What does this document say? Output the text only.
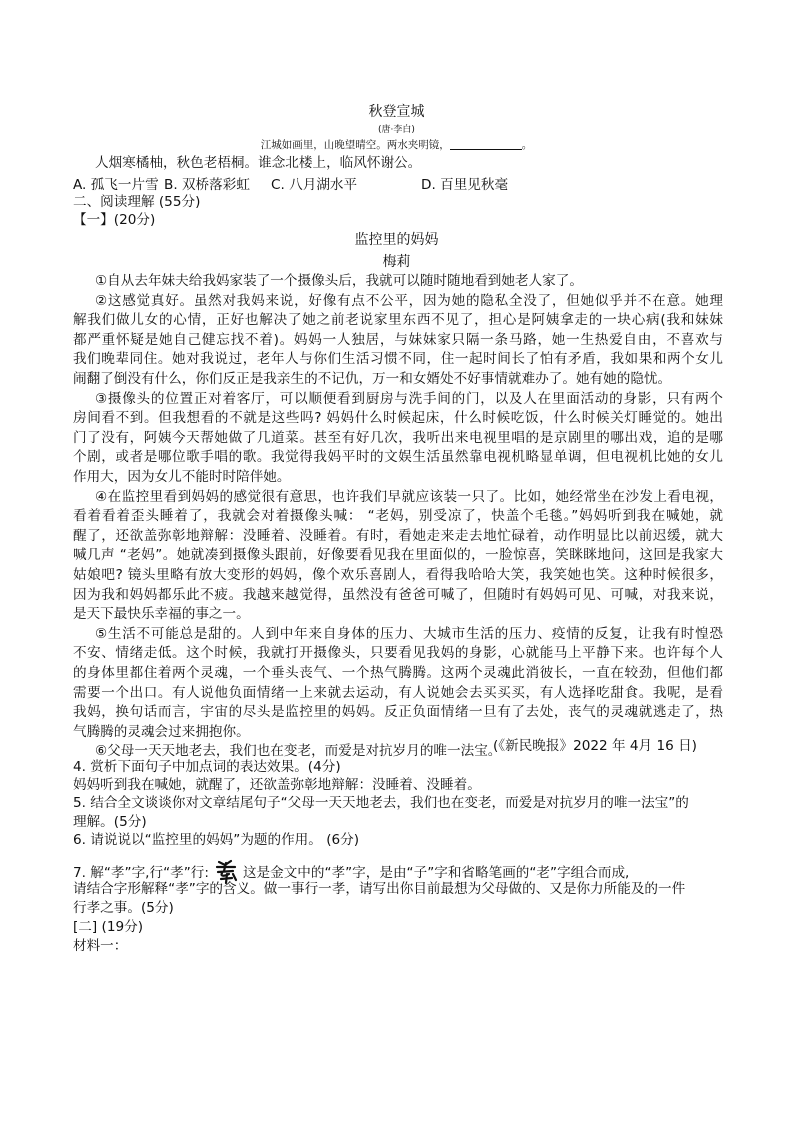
秋登宣城
(唐·李白)
江城如画里，山晚望晴空。两水夹明镜，	。
人烟寒橘柚，秋色老梧桐。谁念北楼上，临风怀谢公。
A. 孤飞一片雪 B. 双桥落彩虹 C. 八月湖水平	D. 百里见秋毫
二、阅读理解 (55分)
【一】(20分)
监控里的妈妈
梅莉
①自从去年妹夫给我妈家装了一个摄像头后，我就可以随时随地看到她老人家了。
②这感觉真好。虽然对我妈来说，好像有点不公平，因为她的隐私全没了，但她似乎并不在意。她理
解我们做儿女的心情，正好也解决了她之前老说家里东西不见了，担心是阿姨拿走的一块心病(我和妹妹
都严重怀疑是她自己健忘找不着)。妈妈一人独居，与妹妹家只隔一条马路，她一生热爱自由，不喜欢与
我们晚辈同住。她对我说过，老年人与你们生活习惯不同，住一起时间长了怕有矛盾，我如果和两个女儿
闹翻了倒没有什么，你们反正是我亲生的不记仇，万一和女婿处不好事情就难办了。她有她的隐忧。
③摄像头的位置正对着客厅，可以顺便看到厨房与洗手间的门，以及人在里面活动的身影，只有两个
房间看不到。但我想看的不就是这些吗? 妈妈什么时候起床，什么时候吃饭，什么时候关灯睡觉的。她出
门了没有，阿姨今天帮她做了几道菜。甚至有好几次，我听出来电视里唱的是京剧里的哪出戏，追的是哪
个剧，或者是哪位歌手唱的歌。我觉得我妈平时的文娱生活虽然靠电视机略显单调，但电视机比她的女儿
作用大，因为女儿不能时时陪伴她。
④在监控里看到妈妈的感觉很有意思，也许我们早就应该装一只了。比如，她经常坐在沙发上看电视，
看着看着歪头睡着了，我就会对着摄像头喊： “老妈，别受凉了，快盖个毛毯。”妈妈听到我在喊她，就
醒了，还欲盖弥彰地辩解：没睡着、没睡着。有时，看她走来走去地忙碌着，动作明显比以前迟缓，就大
喊几声 “老妈”。她就凑到摄像头跟前，好像要看见我在里面似的，一脸惊喜，笑眯眯地问，这回是我家大
姑娘吧? 镜头里略有放大变形的妈妈，像个欢乐喜剧人，看得我哈哈大笑，我笑她也笑。这种时候很多，
因为我和妈妈都乐此不疲。我越来越觉得，虽然没有爸爸可喊了，但随时有妈妈可见、可喊，对我来说，
是天下最快乐幸福的事之一。
⑤生活不可能总是甜的。人到中年来自身体的压力、大城市生活的压力、疫情的反复，让我有时惶恐
不安、情绪走低。这个时候，我就打开摄像头，只要看见我妈的身影，心就能马上平静下来。也许每个人
的身体里都住着两个灵魂，一个垂头丧气、一个热气腾腾。这两个灵魂此消彼长，一直在较劲，但他们都
需要一个出口。有人说他负面情绪一上来就去运动，有人说她会去买买买，有人选择吃甜食。我呢，是看
我妈，换句话而言，宇宙的尽头是监控里的妈妈。反正负面情绪一旦有了去处，丧气的灵魂就逃走了，热
气腾腾的灵魂会过来拥抱你。
⑥父母一天天地老去，我们也在变老，而爱是对抗岁月的唯一法宝。
(《新民晚报》2022 年 4月 16 日)
4. 赏析下面句子中加点词的表达效果。(4分)
妈妈听到我在喊她，就醒了，还欲盖弥彰地辩解：没睡着、没睡着。
5. 结合全文谈谈你对文章结尾句子“父母一天天地老去，我们也在变老，而爱是对抗岁月的唯一法宝”的
理解。(5分)
6. 请说说以“监控里的妈妈”为题的作用。 (6分)
7. 解“孝”字,行“孝”行:	这是金文中的“孝”字，是由“子”字和省略笔画的“老”字组合而成,
请结合字形解释“孝”字的含义。做一事行一孝，请写出你目前最想为父母做的、又是你力所能及的一件
行孝之事。(5分)
[二] (19分)
材料一：
